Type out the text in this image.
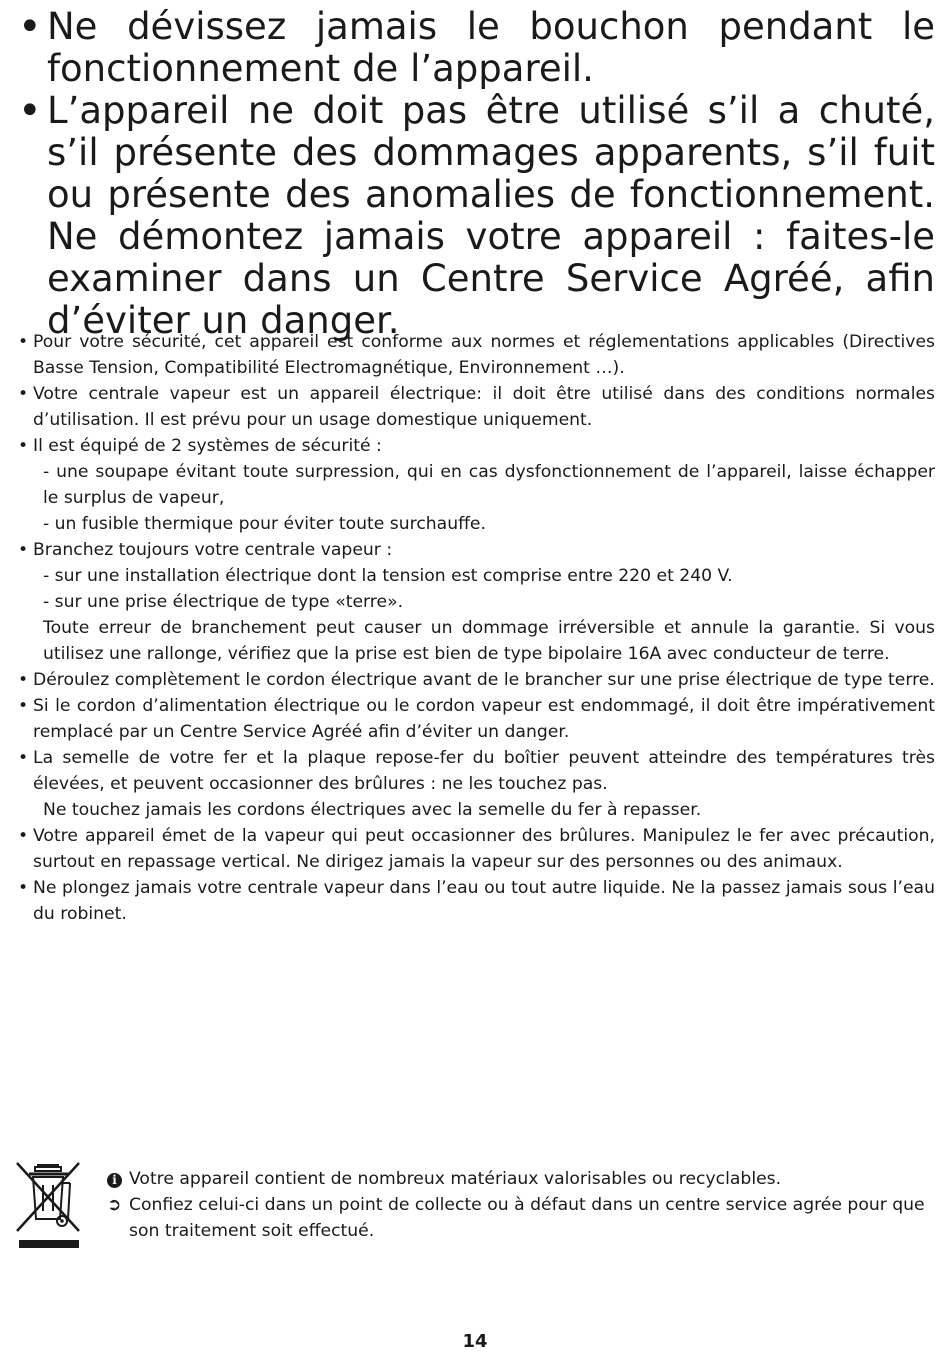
• Ne dévissez jamais le bouchon pendant le fonctionnement de l’appareil.
• L’appareil ne doit pas être utilisé s’il a chuté, s’il présente des dommages apparents, s’il fuit ou présente des anomalies de fonctionnement. Ne démontez jamais votre appareil : faites-le examiner dans un Centre Service Agréé, afin d’éviter un danger.
• Pour votre sécurité, cet appareil est conforme aux normes et réglementations applicables (Directives Basse Tension, Compatibilité Electromagnétique, Environnement …).
• Votre centrale vapeur est un appareil électrique: il doit être utilisé dans des conditions normales d’utilisation. Il est prévu pour un usage domestique uniquement.
• Il est équipé de 2 systèmes de sécurité :
- une soupape évitant toute surpression, qui en cas dysfonctionnement de l’appareil, laisse échapper le surplus de vapeur,
- un fusible thermique pour éviter toute surchauffe.
• Branchez toujours votre centrale vapeur :
- sur une installation électrique dont la tension est comprise entre 220 et 240 V.
- sur une prise électrique de type «terre».
Toute erreur de branchement peut causer un dommage irréversible et annule la garantie. Si vous utilisez une rallonge, vérifiez que la prise est bien de type bipolaire 16A avec conducteur de terre.
• Déroulez complètement le cordon électrique avant de le brancher sur une prise électrique de type terre.
• Si le cordon d’alimentation électrique ou le cordon vapeur est endommagé, il doit être impérativement remplacé par un Centre Service Agréé afin d’éviter un danger.
• La semelle de votre fer et la plaque repose-fer du boîtier peuvent atteindre des températures très élevées, et peuvent occasionner des brûlures : ne les touchez pas.
Ne touchez jamais les cordons électriques avec la semelle du fer à repasser.
• Votre appareil émet de la vapeur qui peut occasionner des brûlures. Manipulez le fer avec précaution, surtout en repassage vertical. Ne dirigez jamais la vapeur sur des personnes ou des animaux.
• Ne plongez jamais votre centrale vapeur dans l’eau ou tout autre liquide. Ne la passez jamais sous l’eau du robinet.
i Votre appareil contient de nombreux matériaux valorisables ou recyclables.
➲ Confiez celui-ci dans un point de collecte ou à défaut dans un centre service agrée pour que son traitement soit effectué.
14
